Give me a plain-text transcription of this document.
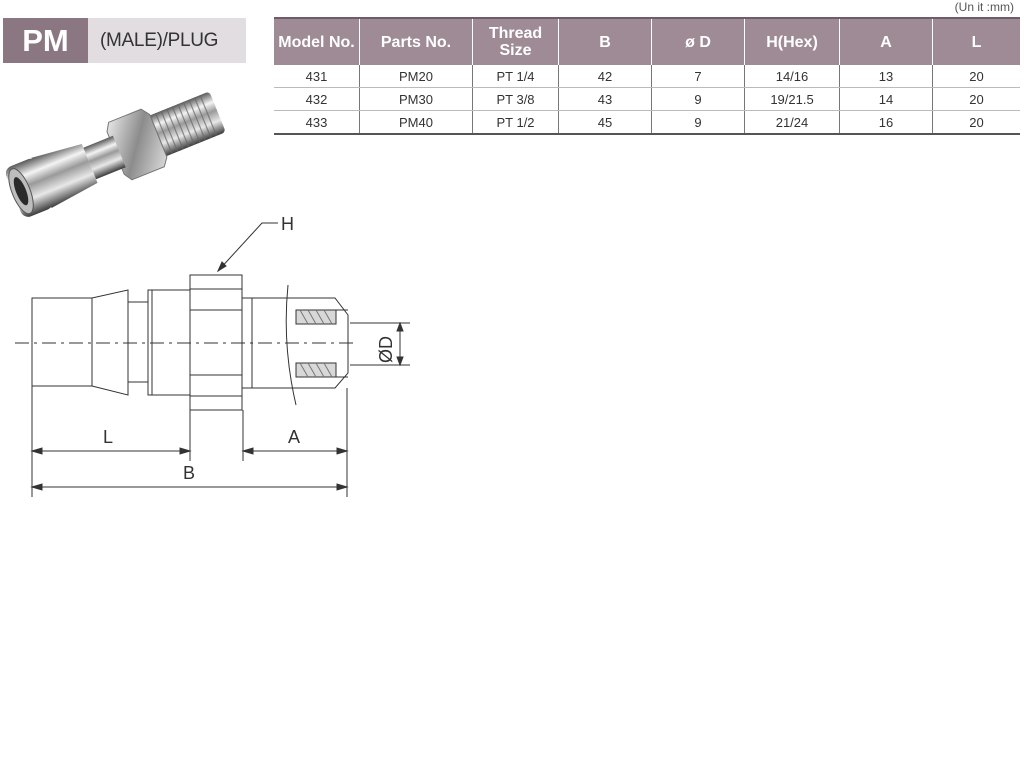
PM	(MALE)/PLUG
(Un it :mm)
Model No.	Parts No.	Thread Size	B	ø D	H(Hex)	A	L
431	PM20	PT 1/4	42	7	14/16	13	20
432	PM30	PT 3/8	43	9	19/21.5	14	20
433	PM40	PT 1/2	45	9	21/24	16	20
H
ØD
L	A
B
